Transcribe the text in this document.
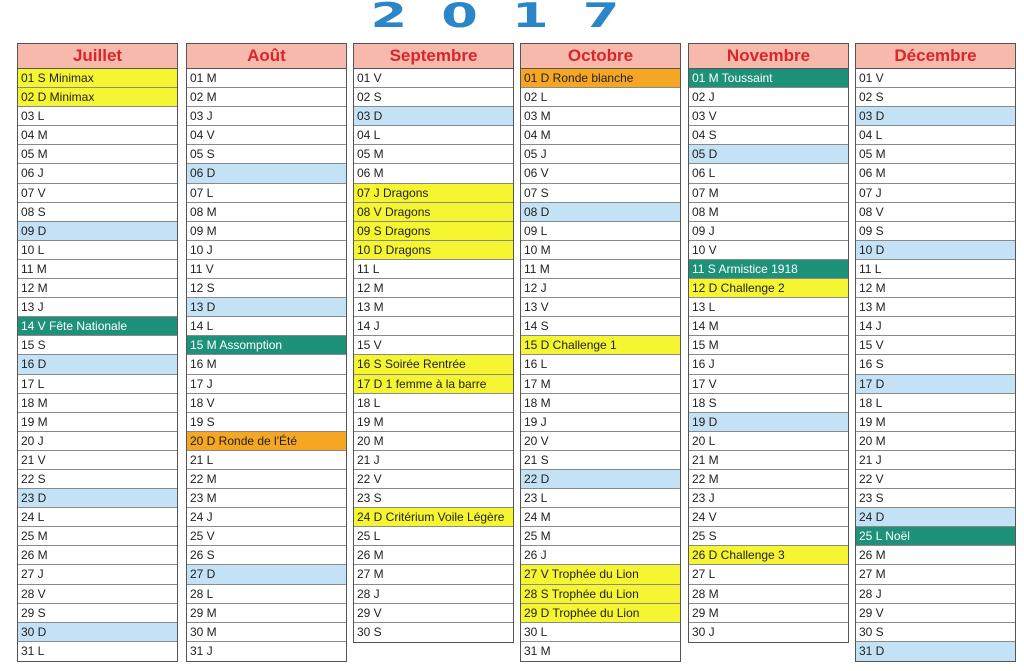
2017
Juillet
01 S Minimax
02 D Minimax
03 L
04 M
05 M
06 J
07 V
08 S
09 D
10 L
11 M
12 M
13 J
14 V Fête Nationale
15 S
16 D
17 L
18 M
19 M
20 J
21 V
22 S
23 D
24 L
25 M
26 M
27 J
28 V
29 S
30 D
31 L
Août
01 M
02 M
03 J
04 V
05 S
06 D
07 L
08 M
09 M
10 J
11 V
12 S
13 D
14 L
15 M Assomption
16 M
17 J
18 V
19 S
20 D Ronde de l'Été
21 L
22 M
23 M
24 J
25 V
26 S
27 D
28 L
29 M
30 M
31 J
Septembre
01 V
02 S
03 D
04 L
05 M
06 M
07 J Dragons
08 V Dragons
09 S Dragons
10 D Dragons
11 L
12 M
13 M
14 J
15 V
16 S Soirée Rentrée
17 D 1 femme à la barre
18 L
19 M
20 M
21 J
22 V
23 S
24 D Critérium Voile Légère
25 L
26 M
27 M
28 J
29 V
30 S
Octobre
01 D Ronde blanche
02 L
03 M
04 M
05 J
06 V
07 S
08 D
09 L
10 M
11 M
12 J
13 V
14 S
15 D Challenge 1
16 L
17 M
18 M
19 J
20 V
21 S
22 D
23 L
24 M
25 M
26 J
27 V Trophée du Lion
28 S Trophée du Lion
29 D Trophée du Lion
30 L
31 M
Novembre
01 M Toussaint
02 J
03 V
04 S
05 D
06 L
07 M
08 M
09 J
10 V
11 S Armistice 1918
12 D Challenge 2
13 L
14 M
15 M
16 J
17 V
18 S
19 D
20 L
21 M
22 M
23 J
24 V
25 S
26 D Challenge 3
27 L
28 M
29 M
30 J
Décembre
01 V
02 S
03 D
04 L
05 M
06 M
07 J
08 V
09 S
10 D
11 L
12 M
13 M
14 J
15 V
16 S
17 D
18 L
19 M
20 M
21 J
22 V
23 S
24 D
25 L Noël
26 M
27 M
28 J
29 V
30 S
31 D
